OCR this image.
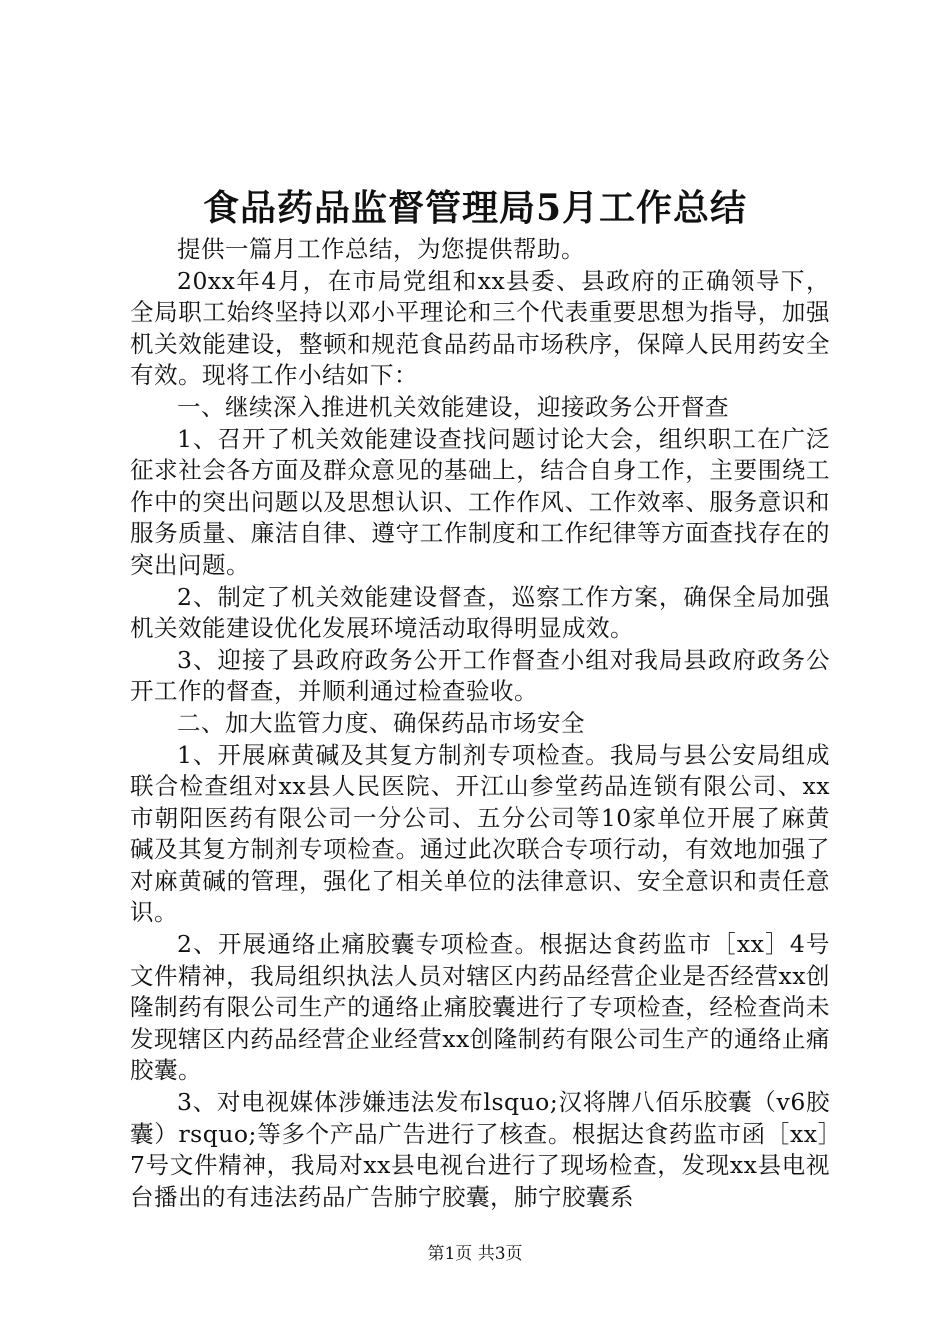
食品药品监督管理局5月工作总结

提供一篇月工作总结，为您提供帮助。

20xx年4月，在市局党组和xx县委、县政府的正确领导下，全局职工始终坚持以邓小平理论和三个代表重要思想为指导，加强机关效能建设，整顿和规范食品药品市场秩序，保障人民用药安全有效。现将工作小结如下：

一、继续深入推进机关效能建设，迎接政务公开督查

1、召开了机关效能建设查找问题讨论大会，组织职工在广泛征求社会各方面及群众意见的基础上，结合自身工作，主要围绕工作中的突出问题以及思想认识、工作作风、工作效率、服务意识和服务质量、廉洁自律、遵守工作制度和工作纪律等方面查找存在的突出问题。

2、制定了机关效能建设督查，巡察工作方案，确保全局加强机关效能建设优化发展环境活动取得明显成效。

3、迎接了县政府政务公开工作督查小组对我局县政府政务公开工作的督查，并顺利通过检查验收。

二、加大监管力度、确保药品市场安全

1、开展麻黄碱及其复方制剂专项检查。我局与县公安局组成联合检查组对xx县人民医院、开江山参堂药品连锁有限公司、xx市朝阳医药有限公司一分公司、五分公司等10家单位开展了麻黄碱及其复方制剂专项检查。通过此次联合专项行动，有效地加强了对麻黄碱的管理，强化了相关单位的法律意识、安全意识和责任意识。

2、开展通络止痛胶囊专项检查。根据达食药监市［xx］4号文件精神，我局组织执法人员对辖区内药品经营企业是否经营xx创隆制药有限公司生产的通络止痛胶囊进行了专项检查，经检查尚未发现辖区内药品经营企业经营xx创隆制药有限公司生产的通络止痛胶囊。

3、对电视媒体涉嫌违法发布lsquo;汉将牌八佰乐胶囊（v6胶囊）rsquo;等多个产品广告进行了核查。根据达食药监市函［xx］7号文件精神，我局对xx县电视台进行了现场检查，发现xx县电视台播出的有违法药品广告肺宁胶囊，肺宁胶囊系

第1页 共3页
